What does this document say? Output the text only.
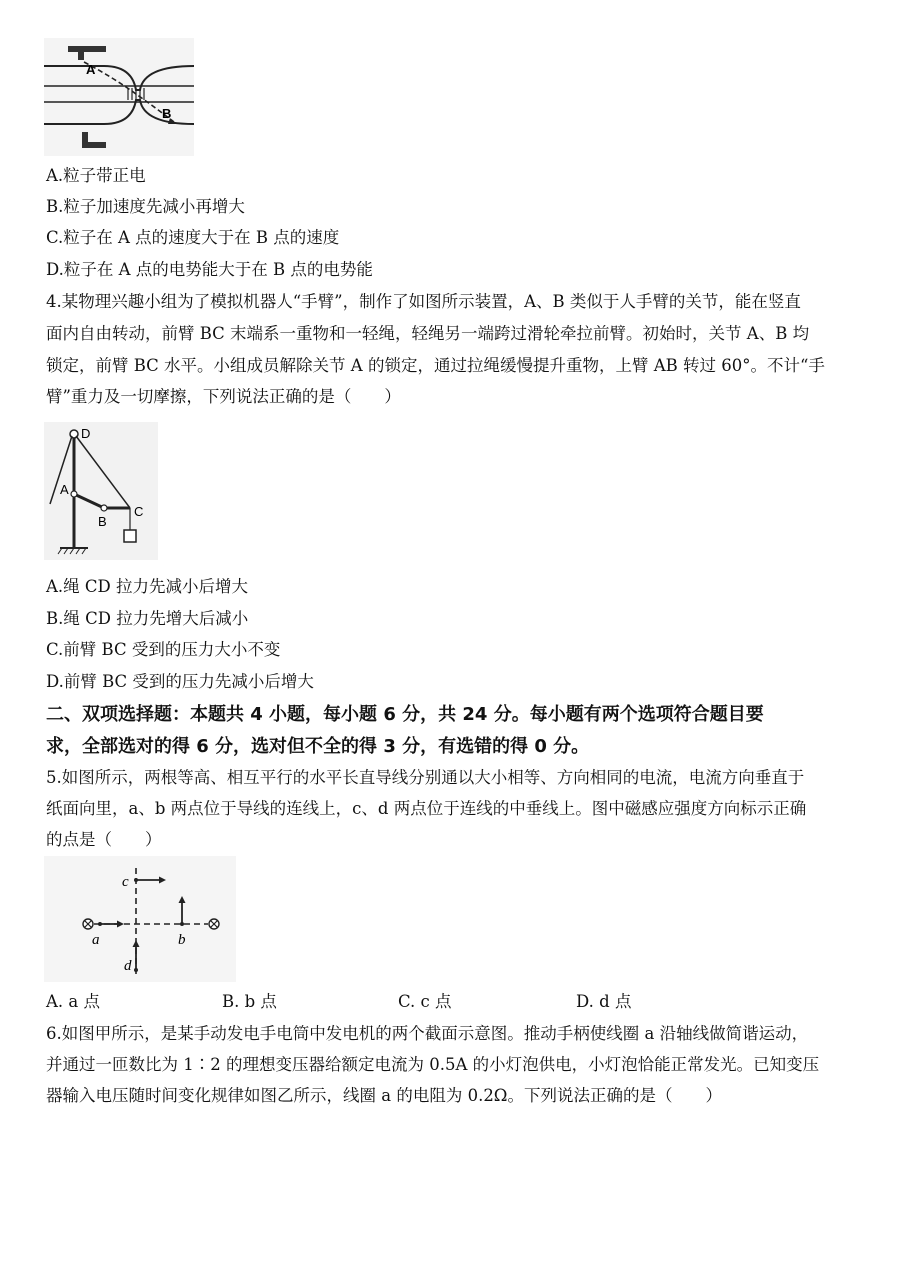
A
B
A.粒子带正电
B.粒子加速度先减小再增大
C.粒子在 A 点的速度大于在 B 点的速度
D.粒子在 A 点的电势能大于在 B 点的电势能
4.某物理兴趣小组为了模拟机器人“手臂”，制作了如图所示装置，A、B 类似于人手臂的关节，能在竖直
面内自由转动，前臂 BC 末端系一重物和一轻绳，轻绳另一端跨过滑轮牵拉前臂。初始时，关节 A、B 均
锁定，前臂 BC 水平。小组成员解除关节 A 的锁定，通过拉绳缓慢提升重物，上臂 AB 转过 60°。不计“手
臂”重力及一切摩擦，下列说法正确的是（　　）
D
A
B
C
A.绳 CD 拉力先减小后增大
B.绳 CD 拉力先增大后减小
C.前臂 BC 受到的压力大小不变
D.前臂 BC 受到的压力先减小后增大
二、双项选择题：本题共 4 小题，每小题 6 分，共 24 分。每小题有两个选项符合题目要
求，全部选对的得 6 分，选对但不全的得 3 分，有选错的得 0 分。
5.如图所示，两根等高、相互平行的水平长直导线分别通以大小相等、方向相同的电流，电流方向垂直于
纸面向里，a、b 两点位于导线的连线上，c、d 两点位于连线的中垂线上。图中磁感应强度方向标示正确
的点是（　　）
c
a	b
d
A. a 点	B. b 点	C. c 点	D. d 点
6.如图甲所示，是某手动发电手电筒中发电机的两个截面示意图。推动手柄使线圈 a 沿轴线做简谐运动，
并通过一匝数比为 1∶2 的理想变压器给额定电流为 0.5A 的小灯泡供电，小灯泡恰能正常发光。已知变压
器输入电压随时间变化规律如图乙所示，线圈 a 的电阻为 0.2Ω。下列说法正确的是（　　）
